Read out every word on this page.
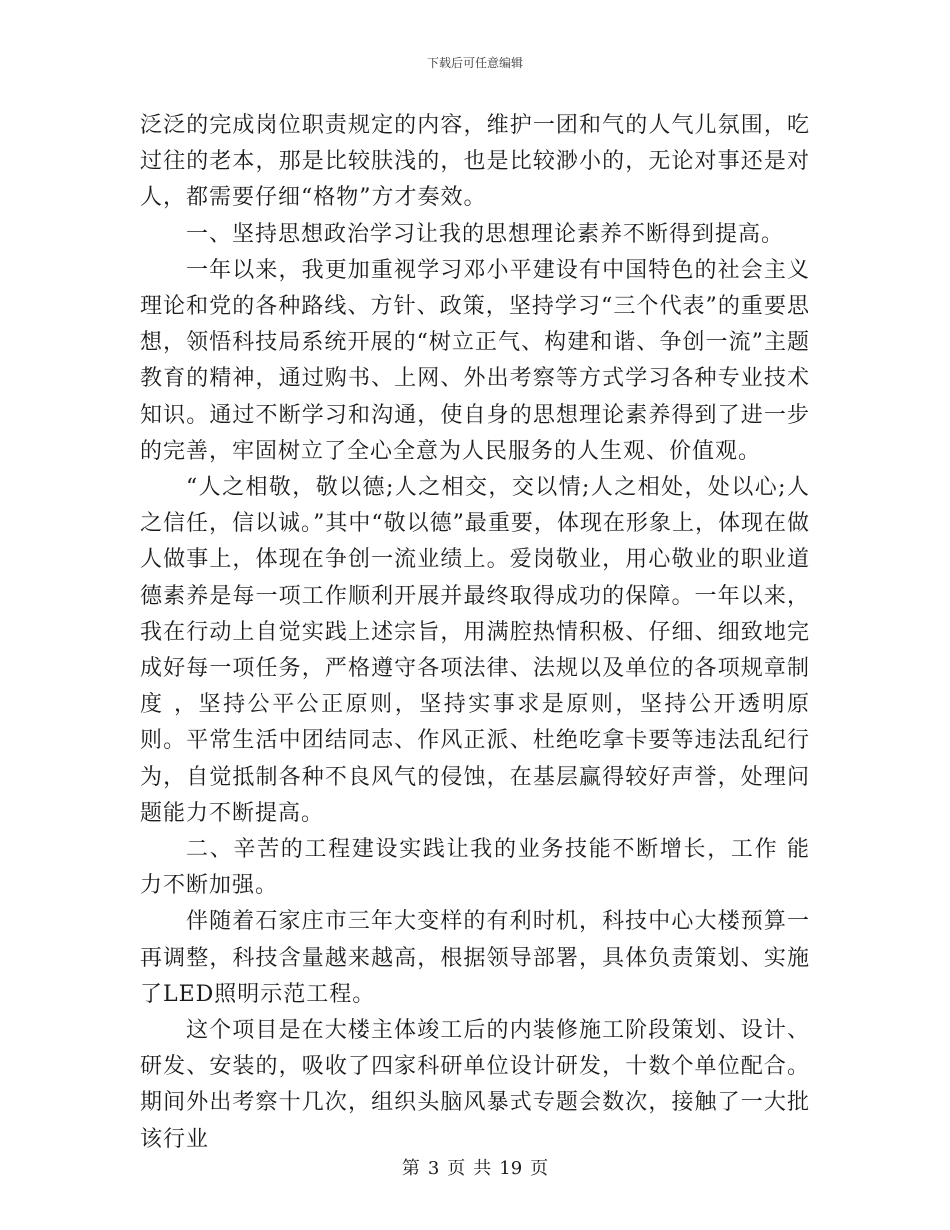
下载后可任意编辑

泛泛的完成岗位职责规定的内容，维护一团和气的人气儿氛围，吃过往的老本，那是比较肤浅的，也是比较渺小的，无论对事还是对人，都需要仔细“格物”方才奏效。

一、坚持思想政治学习让我的思想理论素养不断得到提高。

一年以来，我更加重视学习邓小平建设有中国特色的社会主义理论和党的各种路线、方针、政策，坚持学习“三个代表”的重要思想，领悟科技局系统开展的“树立正气、构建和谐、争创一流”主题教育的精神，通过购书、上网、外出考察等方式学习各种专业技术知识。通过不断学习和沟通，使自身的思想理论素养得到了进一步的完善，牢固树立了全心全意为人民服务的人生观、价值观。

“人之相敬，敬以德;人之相交，交以情;人之相处，处以心;人之信任，信以诚。”其中“敬以德”最重要，体现在形象上，体现在做人做事上，体现在争创一流业绩上。爱岗敬业，用心敬业的职业道德素养是每一项工作顺利开展并最终取得成功的保障。一年以来，我在行动上自觉实践上述宗旨，用满腔热情积极、仔细、细致地完成好每一项任务，严格遵守各项法律、法规以及单位的各项规章制度 ，坚持公平公正原则，坚持实事求是原则，坚持公开透明原则。平常生活中团结同志、作风正派、杜绝吃拿卡要等违法乱纪行为，自觉抵制各种不良风气的侵蚀，在基层赢得较好声誉，处理问题能力不断提高。

二、辛苦的工程建设实践让我的业务技能不断增长，工作 能力不断加强。

伴随着石家庄市三年大变样的有利时机，科技中心大楼预算一再调整，科技含量越来越高，根据领导部署，具体负责策划、实施了LED照明示范工程。

这个项目是在大楼主体竣工后的内装修施工阶段策划、设计、研发、安装的，吸收了四家科研单位设计研发，十数个单位配合。期间外出考察十几次，组织头脑风暴式专题会数次，接触了一大批该行业

第 3 页 共 19 页
